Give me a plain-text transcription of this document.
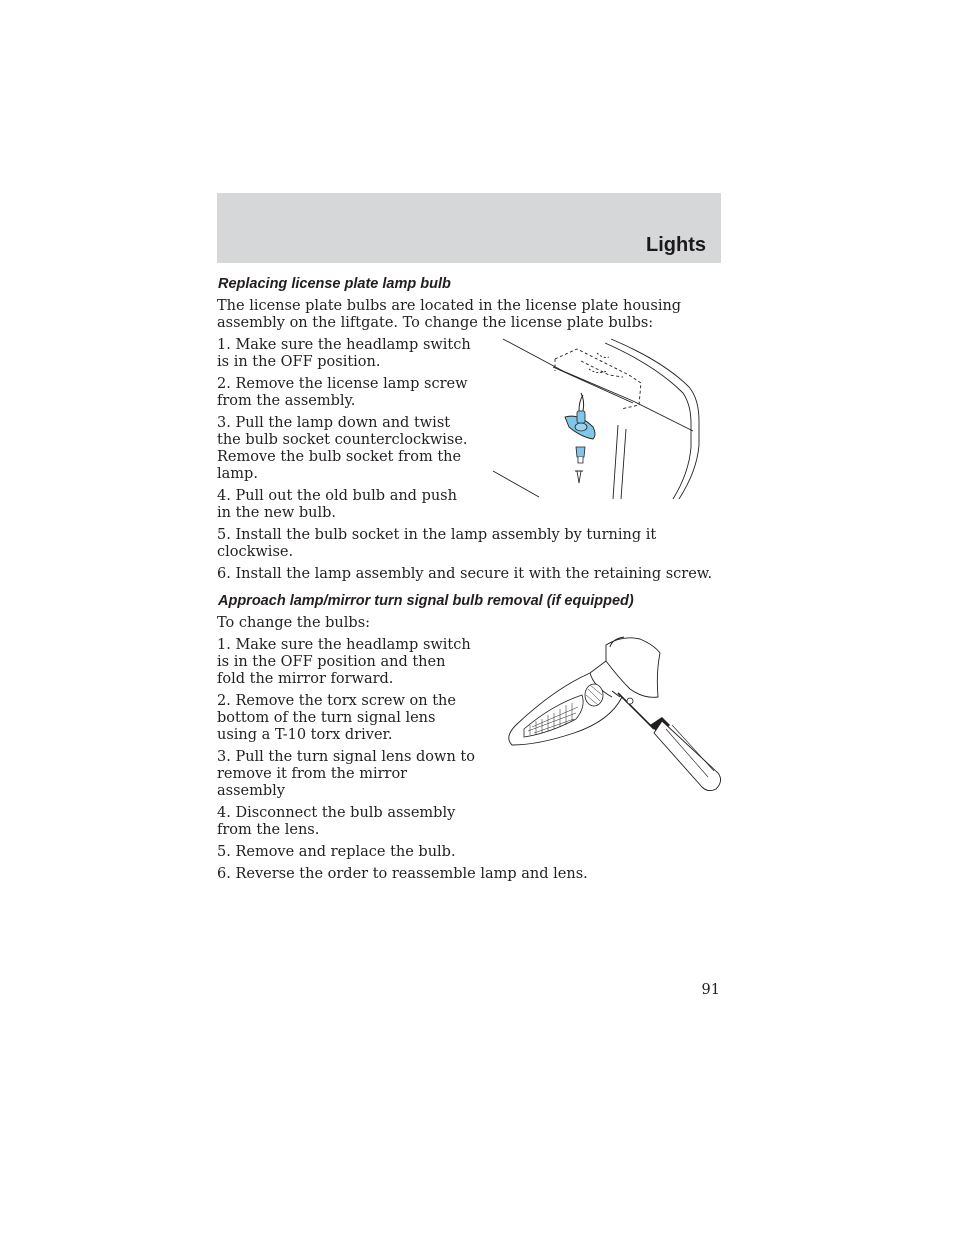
Lights
Replacing license plate lamp bulb

The license plate bulbs are located in the license plate housing assembly on the liftgate. To change the license plate bulbs:

1. Make sure the headlamp switch is in the OFF position.

2. Remove the license lamp screw from the assembly.

3. Pull the lamp down and twist the bulb socket counterclockwise. Remove the bulb socket from the lamp.

4. Pull out the old bulb and push in the new bulb.

5. Install the bulb socket in the lamp assembly by turning it clockwise.

6. Install the lamp assembly and secure it with the retaining screw.

Approach lamp/mirror turn signal bulb removal (if equipped)

To change the bulbs:

1. Make sure the headlamp switch is in the OFF position and then fold the mirror forward.

2. Remove the torx screw on the bottom of the turn signal lens using a T-10 torx driver.

3. Pull the turn signal lens down to remove it from the mirror assembly

4. Disconnect the bulb assembly from the lens.

5. Remove and replace the bulb.

6. Reverse the order to reassemble lamp and lens.

91
